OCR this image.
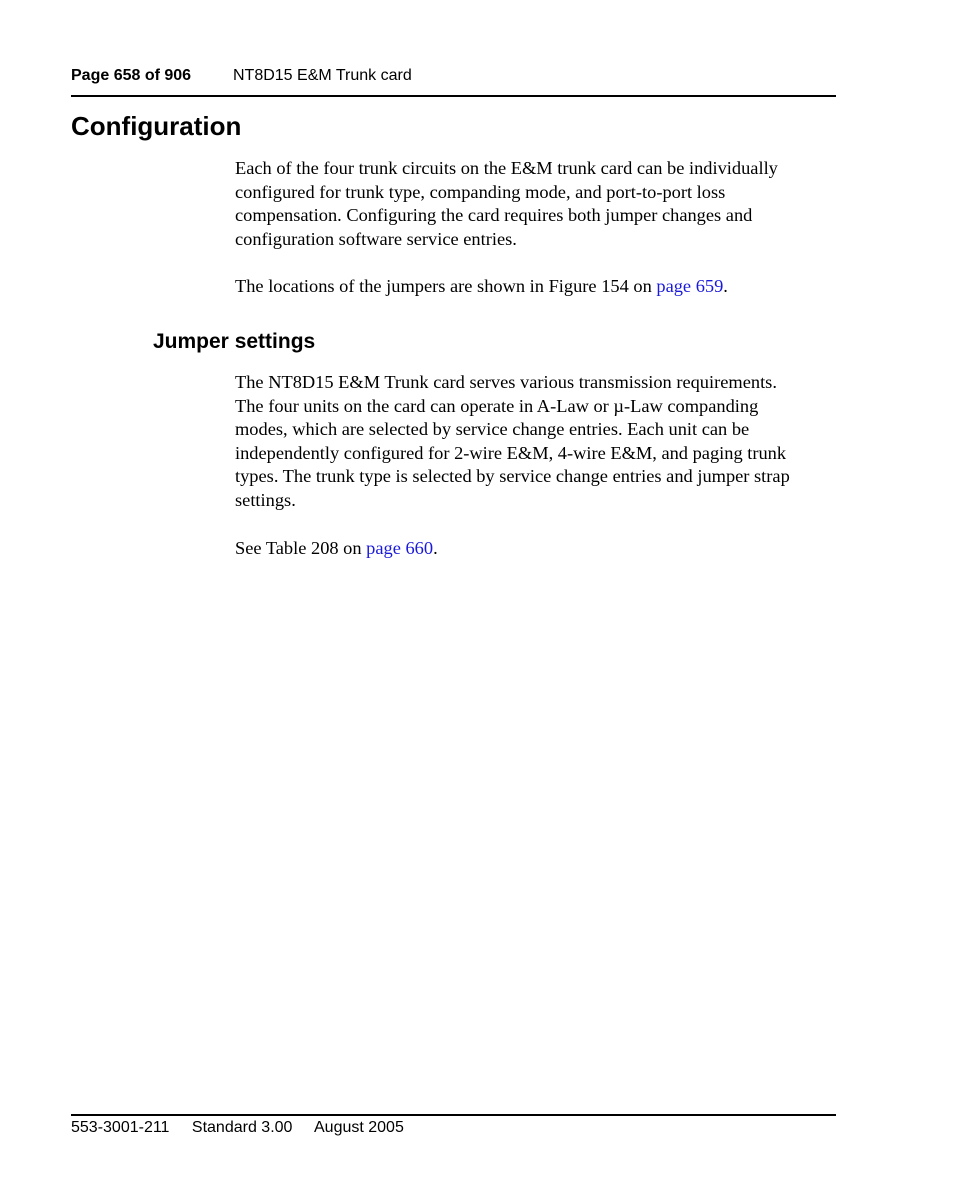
Page 658 of 906	NT8D15 E&M Trunk card
Configuration

Each of the four trunk circuits on the E&M trunk card can be individually
configured for trunk type, companding mode, and port-to-port loss
compensation. Configuring the card requires both jumper changes and
configuration software service entries.

The locations of the jumpers are shown in Figure 154 on page 659.

Jumper settings

The NT8D15 E&M Trunk card serves various transmission requirements.
The four units on the card can operate in A-Law or µ-Law companding
modes, which are selected by service change entries. Each unit can be
independently configured for 2-wire E&M, 4-wire E&M, and paging trunk
types. The trunk type is selected by service change entries and jumper strap
settings.

See Table 208 on page 660.

553-3001-211 Standard 3.00 August 2005
